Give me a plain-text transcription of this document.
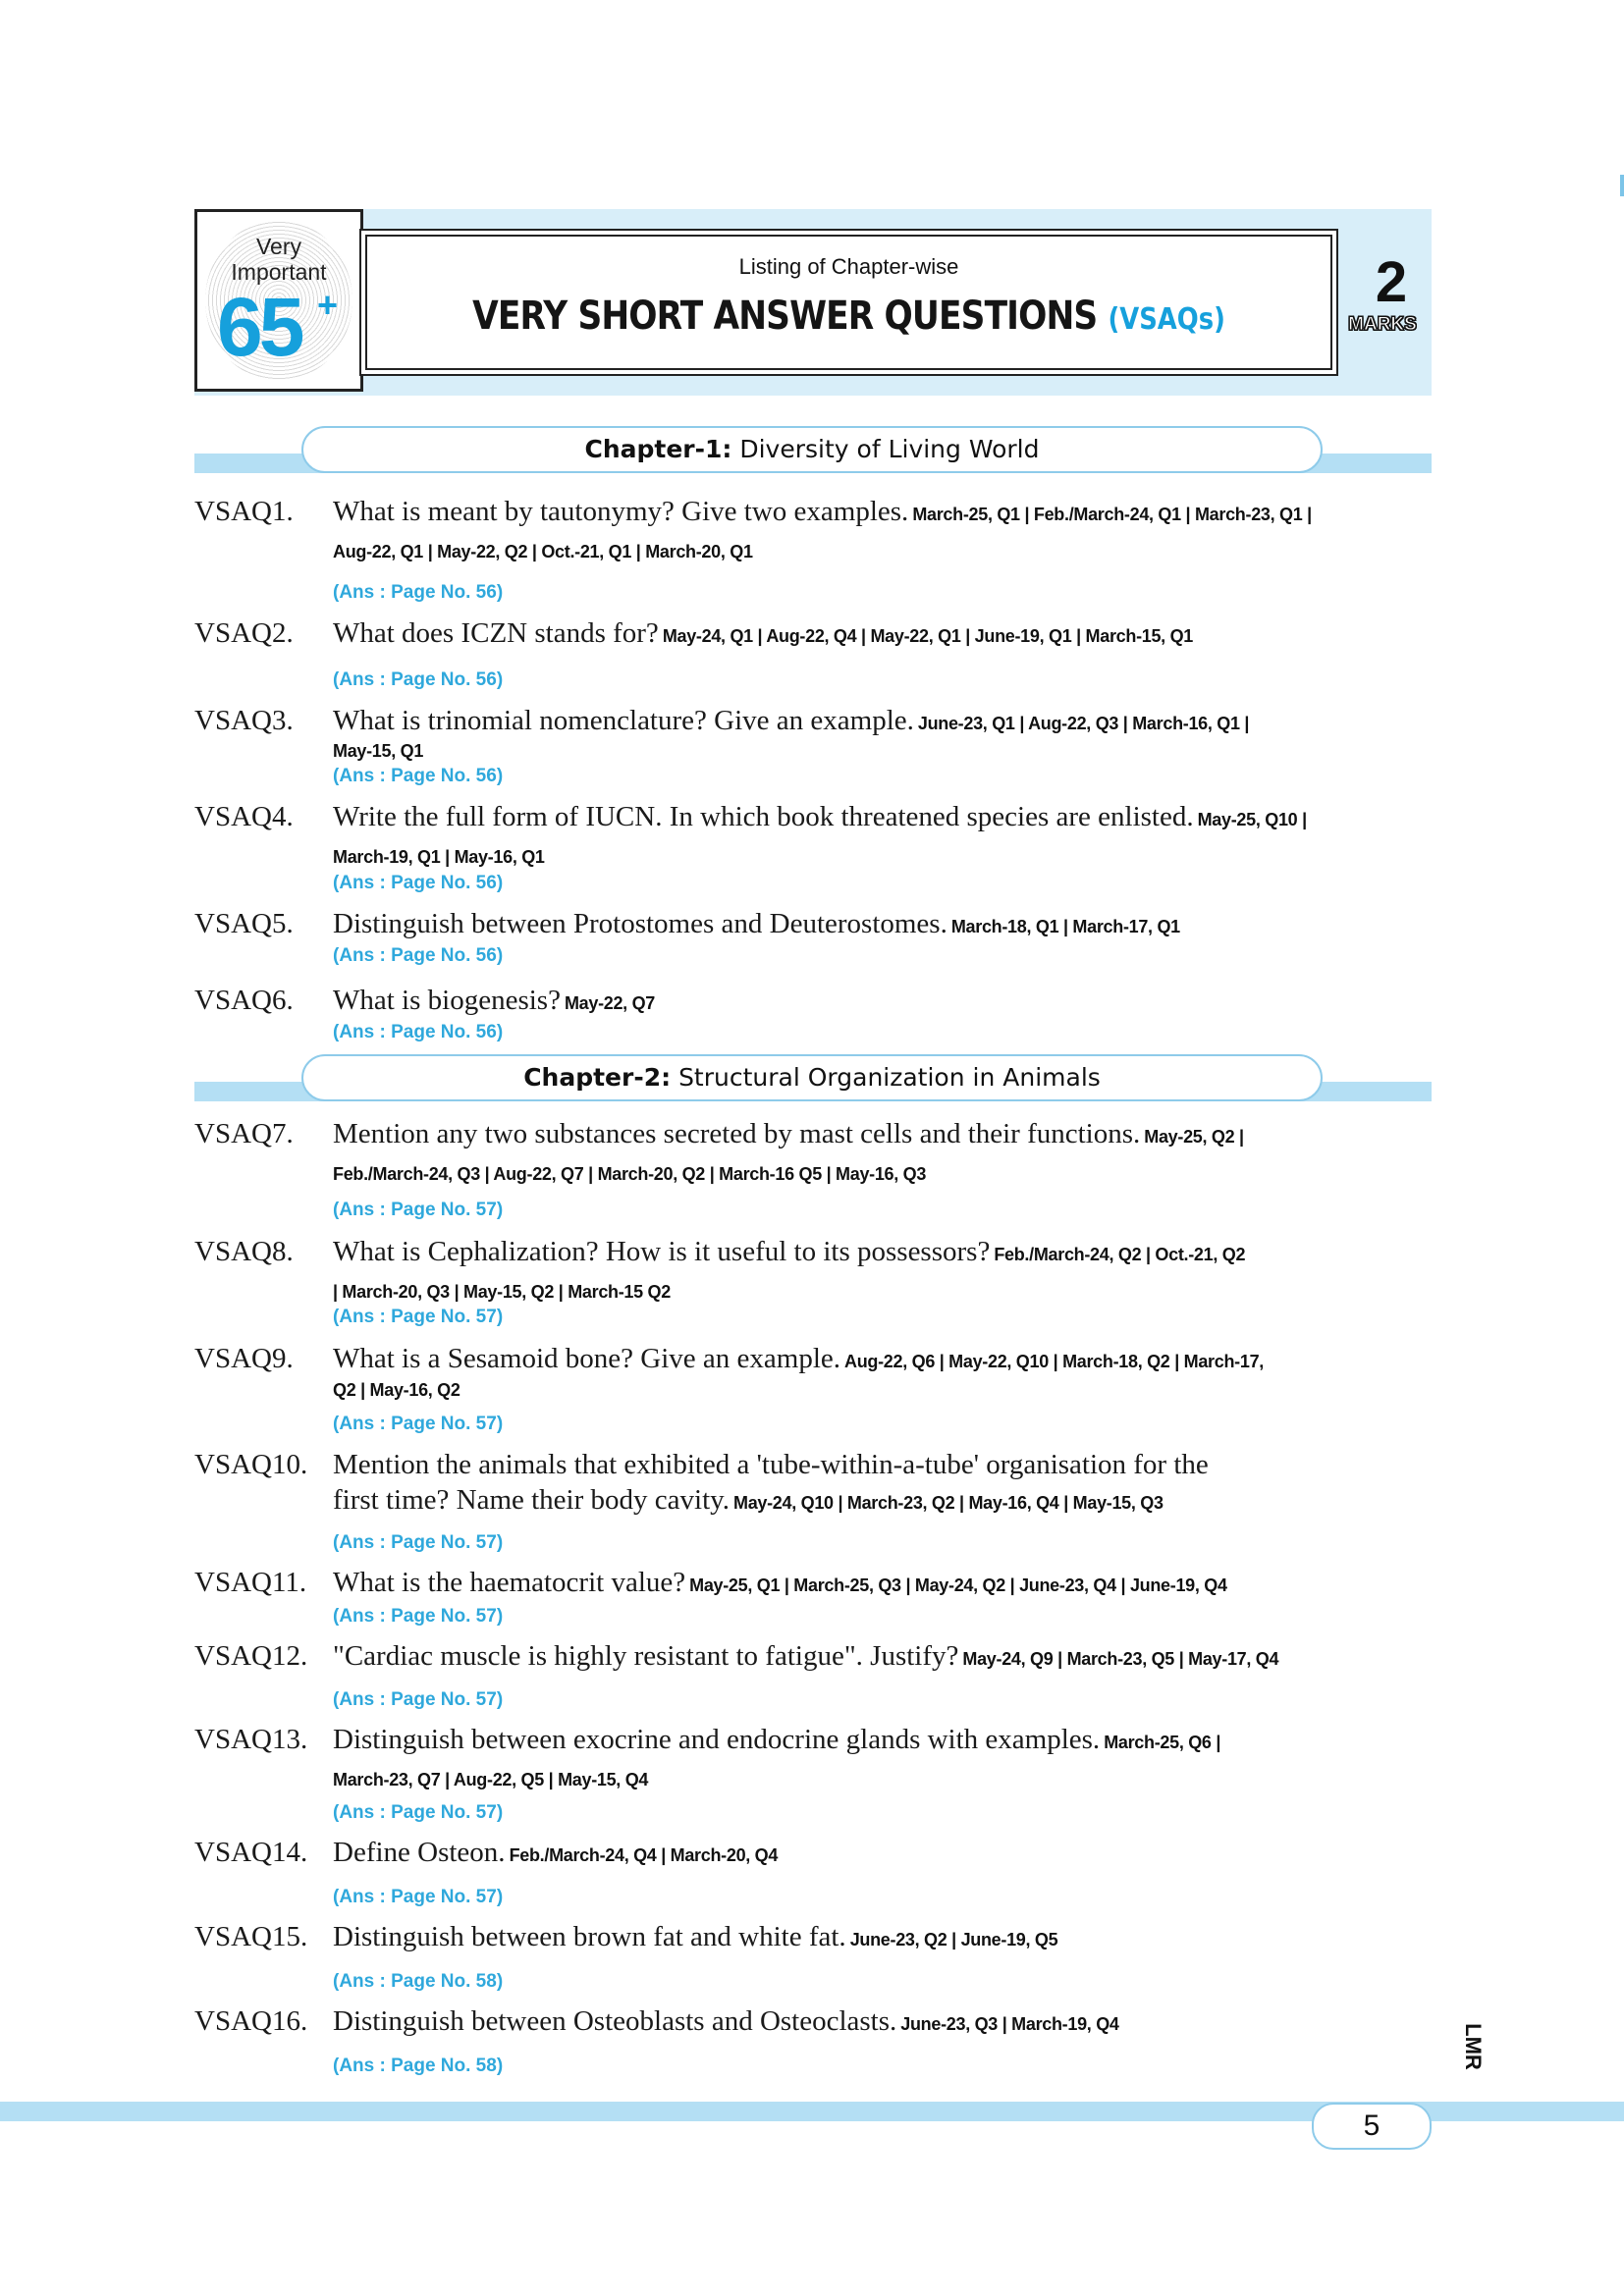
Very
Important
65 +
Listing of Chapter-wise
VERY SHORT ANSWER QUESTIONS (VSAQs)
2
MARKS
Chapter-1: Diversity of Living World
VSAQ1. What is meant by tautonymy? Give two examples. March-25, Q1 | Feb./March-24, Q1 | March-23, Q1 |
Aug-22, Q1 | May-22, Q2 | Oct.-21, Q1 | March-20, Q1
(Ans : Page No. 56)
VSAQ2. What does ICZN stands for? May-24, Q1 | Aug-22, Q4 | May-22, Q1 | June-19, Q1 | March-15, Q1
(Ans : Page No. 56)
VSAQ3. What is trinomial nomenclature? Give an example. June-23, Q1 | Aug-22, Q3 | March-16, Q1 |
May-15, Q1
(Ans : Page No. 56)
VSAQ4. Write the full form of IUCN. In which book threatened species are enlisted. May-25, Q10 |
March-19, Q1 | May-16, Q1
(Ans : Page No. 56)
VSAQ5. Distinguish between Protostomes and Deuterostomes. March-18, Q1 | March-17, Q1
(Ans : Page No. 56)
VSAQ6. What is biogenesis? May-22, Q7
(Ans : Page No. 56)
Chapter-2: Structural Organization in Animals
VSAQ7. Mention any two substances secreted by mast cells and their functions. May-25, Q2 |
Feb./March-24, Q3 | Aug-22, Q7 | March-20, Q2 | March-16 Q5 | May-16, Q3
(Ans : Page No. 57)
VSAQ8. What is Cephalization? How is it useful to its possessors? Feb./March-24, Q2 | Oct.-21, Q2
| March-20, Q3 | May-15, Q2 | March-15 Q2
(Ans : Page No. 57)
VSAQ9. What is a Sesamoid bone? Give an example. Aug-22, Q6 | May-22, Q10 | March-18, Q2 | March-17,
Q2 | May-16, Q2
(Ans : Page No. 57)
VSAQ10. Mention the animals that exhibited a 'tube-within-a-tube' organisation for the
first time? Name their body cavity. May-24, Q10 | March-23, Q2 | May-16, Q4 | May-15, Q3
(Ans : Page No. 57)
VSAQ11. What is the haematocrit value? May-25, Q1 | March-25, Q3 | May-24, Q2 | June-23, Q4 | June-19, Q4
(Ans : Page No. 57)
VSAQ12. "Cardiac muscle is highly resistant to fatigue". Justify? May-24, Q9 | March-23, Q5 | May-17, Q4
(Ans : Page No. 57)
VSAQ13. Distinguish between exocrine and endocrine glands with examples. March-25, Q6 |
March-23, Q7 | Aug-22, Q5 | May-15, Q4
(Ans : Page No. 57)
VSAQ14. Define Osteon. Feb./March-24, Q4 | March-20, Q4
(Ans : Page No. 57)
VSAQ15. Distinguish between brown fat and white fat. June-23, Q2 | June-19, Q5
(Ans : Page No. 58)
VSAQ16. Distinguish between Osteoblasts and Osteoclasts. June-23, Q3 | March-19, Q4
(Ans : Page No. 58)	LMR
5
